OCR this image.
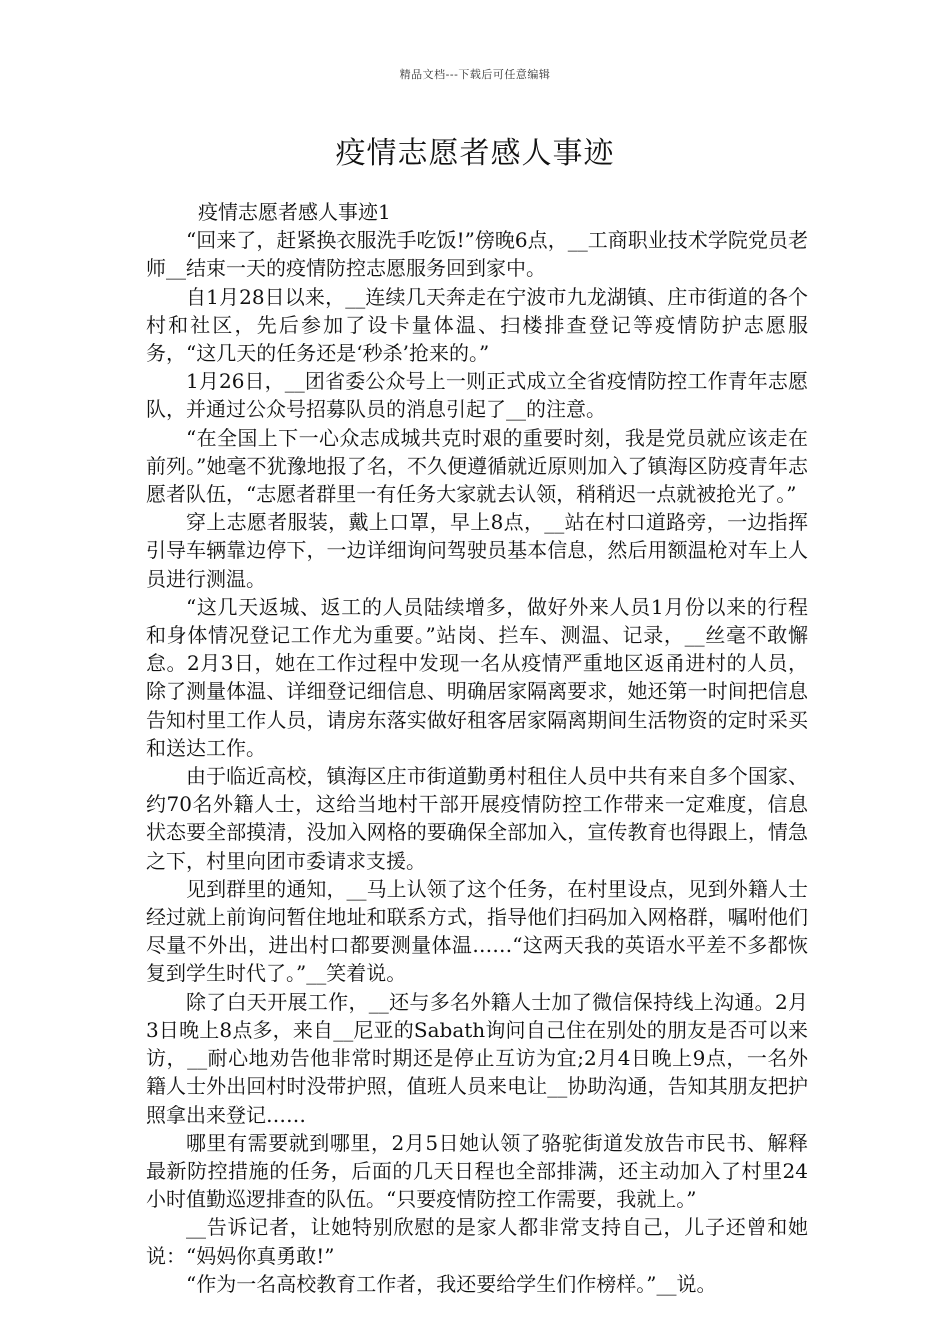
精品文档---下载后可任意编辑
疫情志愿者感人事迹

疫情志愿者感人事迹1

“回来了，赶紧换衣服洗手吃饭!”傍晚6点，__工商职业技术学院党员老师__结束一天的疫情防控志愿服务回到家中。

自1月28日以来，__连续几天奔走在宁波市九龙湖镇、庄市街道的各个村和社区，先后参加了设卡量体温、扫楼排查登记等疫情防护志愿服务，“这几天的任务还是‘秒杀’抢来的。”

1月26日，__团省委公众号上一则正式成立全省疫情防控工作青年志愿队，并通过公众号招募队员的消息引起了__的注意。

“在全国上下一心众志成城共克时艰的重要时刻，我是党员就应该走在前列。”她毫不犹豫地报了名，不久便遵循就近原则加入了镇海区防疫青年志愿者队伍，“志愿者群里一有任务大家就去认领，稍稍迟一点就被抢光了。”

穿上志愿者服装，戴上口罩，早上8点，__站在村口道路旁，一边指挥引导车辆靠边停下，一边详细询问驾驶员基本信息，然后用额温枪对车上人员进行测温。

“这几天返城、返工的人员陆续增多，做好外来人员1月份以来的行程和身体情况登记工作尤为重要。”站岗、拦车、测温、记录，__丝毫不敢懈怠。2月3日，她在工作过程中发现一名从疫情严重地区返甬进村的人员，除了测量体温、详细登记细信息、明确居家隔离要求，她还第一时间把信息告知村里工作人员，请房东落实做好租客居家隔离期间生活物资的定时采买和送达工作。

由于临近高校，镇海区庄市街道勤勇村租住人员中共有来自多个国家、约70名外籍人士，这给当地村干部开展疫情防控工作带来一定难度，信息状态要全部摸清，没加入网格的要确保全部加入，宣传教育也得跟上，情急之下，村里向团市委请求支援。

见到群里的通知，__马上认领了这个任务，在村里设点，见到外籍人士经过就上前询问暂住地址和联系方式，指导他们扫码加入网格群，嘱咐他们尽量不外出，进出村口都要测量体温……“这两天我的英语水平差不多都恢复到学生时代了。”__笑着说。

除了白天开展工作，__还与多名外籍人士加了微信保持线上沟通。2月3日晚上8点多，来自__尼亚的Sabath询问自己住在别处的朋友是否可以来访，__耐心地劝告他非常时期还是停止互访为宜;2月4日晚上9点，一名外籍人士外出回村时没带护照，值班人员来电让__协助沟通，告知其朋友把护照拿出来登记……

哪里有需要就到哪里，2月5日她认领了骆驼街道发放告市民书、解释最新防控措施的任务，后面的几天日程也全部排满，还主动加入了村里24小时值勤巡逻排查的队伍。“只要疫情防控工作需要，我就上。”

__告诉记者，让她特别欣慰的是家人都非常支持自己，儿子还曾和她说：“妈妈你真勇敢!”

“作为一名高校教育工作者，我还要给学生们作榜样。”__说。
